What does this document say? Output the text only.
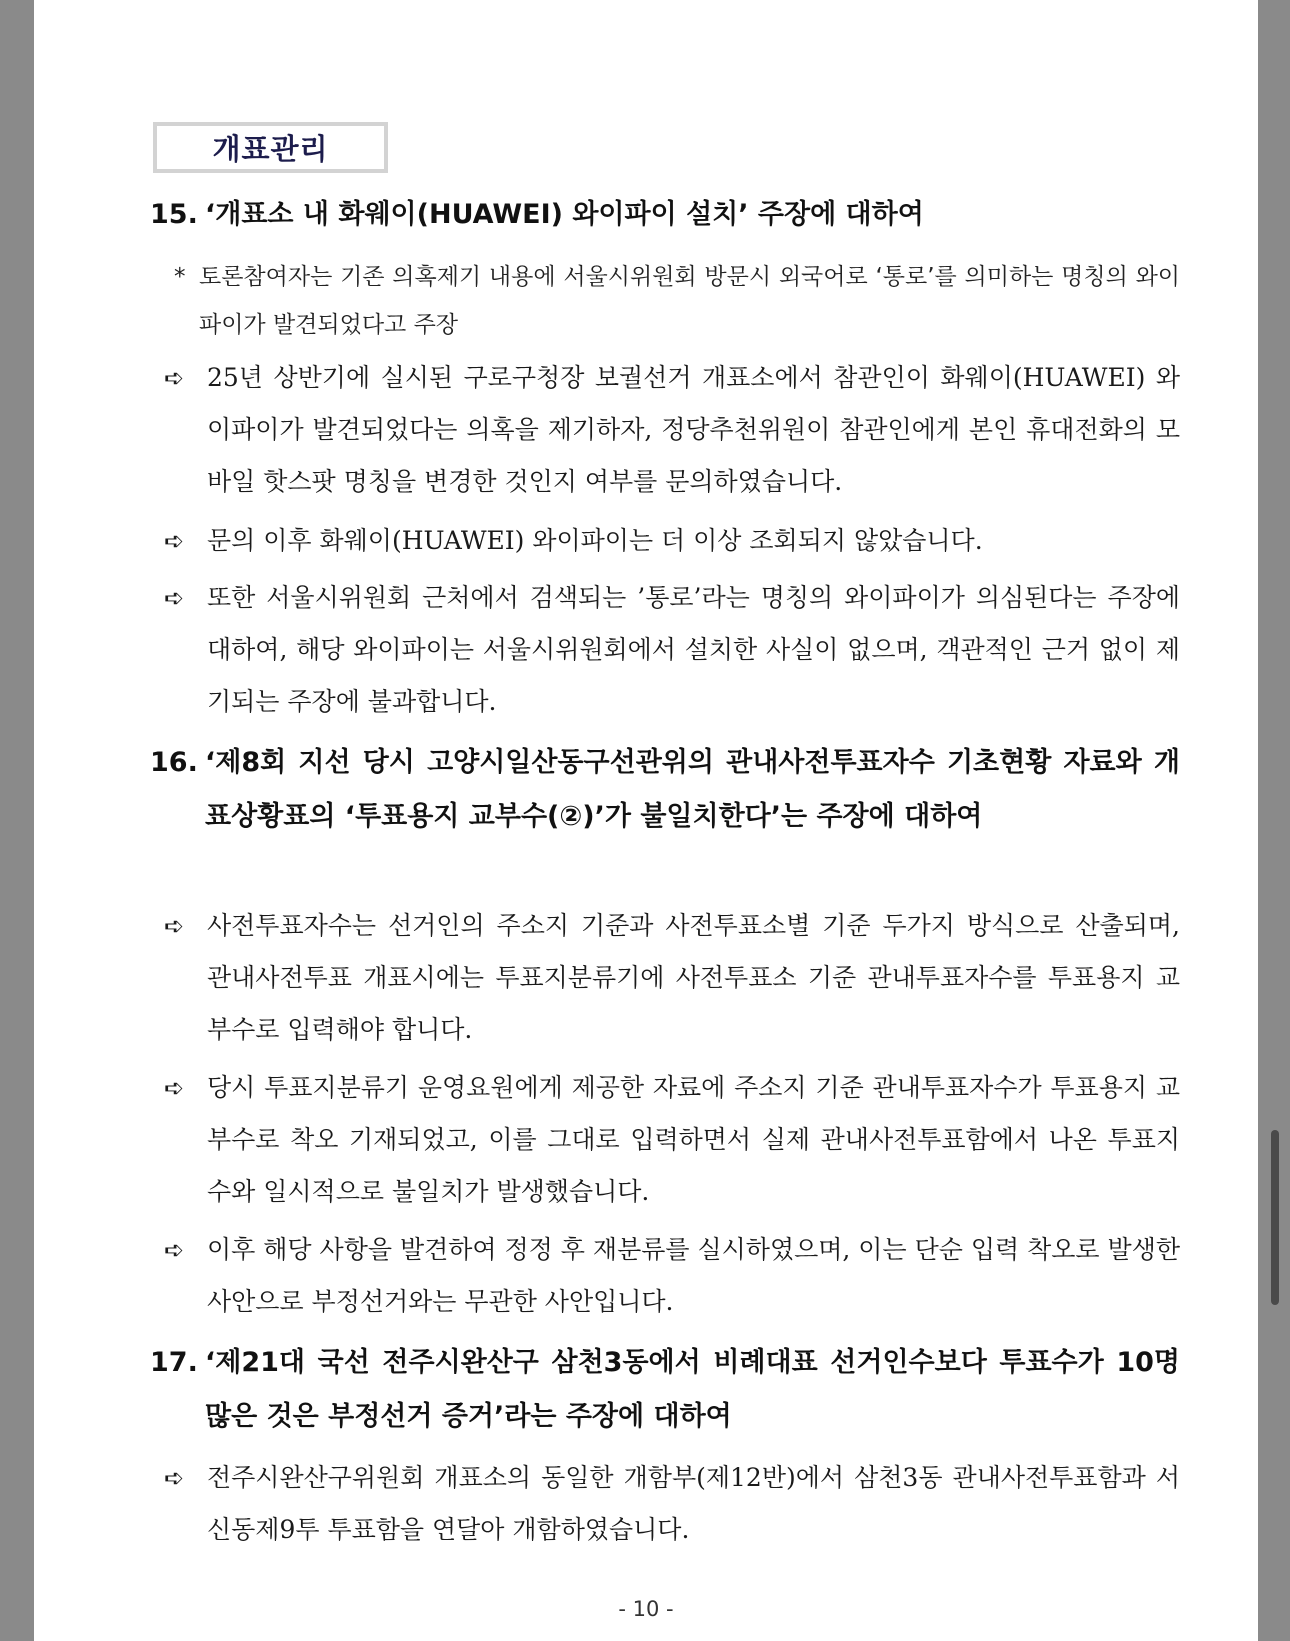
개표관리
15. ‘개표소 내 화웨이(HUAWEI) 와이파이 설치’ 주장에 대하여
* 토론참여자는 기존 의혹제기 내용에 서울시위원회 방문시 외국어로 ‘통로’를 의미하는 명칭의 와이파이가 발견되었다고 주장
➪ 25년 상반기에 실시된 구로구청장 보궐선거 개표소에서 참관인이 화웨이(HUAWEI) 와이파이가 발견되었다는 의혹을 제기하자, 정당추천위원이 참관인에게 본인 휴대전화의 모바일 핫스팟 명칭을 변경한 것인지 여부를 문의하였습니다.
➪ 문의 이후 화웨이(HUAWEI) 와이파이는 더 이상 조회되지 않았습니다.
➪ 또한 서울시위원회 근처에서 검색되는 ’통로’라는 명칭의 와이파이가 의심된다는 주장에 대하여, 해당 와이파이는 서울시위원회에서 설치한 사실이 없으며, 객관적인 근거 없이 제기되는 주장에 불과합니다.
16. ‘제8회 지선 당시 고양시일산동구선관위의 관내사전투표자수 기초현황 자료와 개표상황표의 ‘투표용지 교부수(②)’가 불일치한다’는 주장에 대하여
➪ 사전투표자수는 선거인의 주소지 기준과 사전투표소별 기준 두가지 방식으로 산출되며, 관내사전투표 개표시에는 투표지분류기에 사전투표소 기준 관내투표자수를 투표용지 교부수로 입력해야 합니다.
➪ 당시 투표지분류기 운영요원에게 제공한 자료에 주소지 기준 관내투표자수가 투표용지 교부수로 착오 기재되었고, 이를 그대로 입력하면서 실제 관내사전투표함에서 나온 투표지 수와 일시적으로 불일치가 발생했습니다.
➪ 이후 해당 사항을 발견하여 정정 후 재분류를 실시하였으며, 이는 단순 입력 착오로 발생한 사안으로 부정선거와는 무관한 사안입니다.
17. ‘제21대 국선 전주시완산구 삼천3동에서 비례대표 선거인수보다 투표수가 10명 많은 것은 부정선거 증거’라는 주장에 대하여
➪ 전주시완산구위원회 개표소의 동일한 개함부(제12반)에서 삼천3동 관내사전투표함과 서신동제9투 투표함을 연달아 개함하였습니다.
- 10 -
